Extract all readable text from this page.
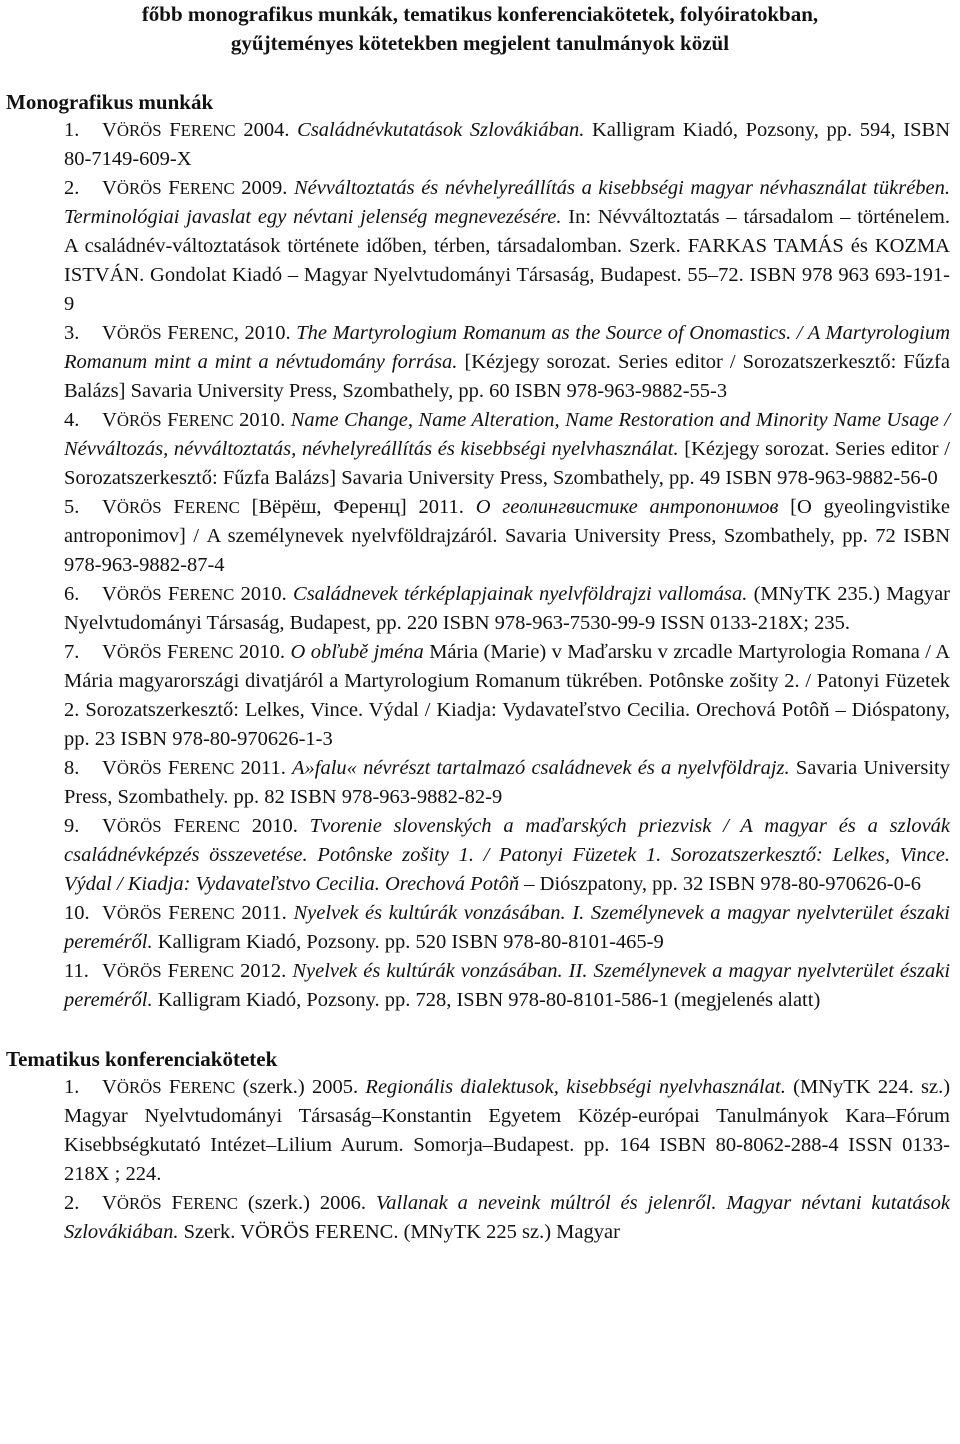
főbb monografikus munkák, tematikus konferenciakötetek, folyóiratokban,

gyűjteményes kötetekben megjelent tanulmányok közül

Monografikus munkák

1. VÖRÖS FERENC 2004. Családnévkutatások Szlovákiában. Kalligram Kiadó, Pozsony, pp. 594, ISBN 80-7149-609-X

2. VÖRÖS FERENC 2009. Névváltoztatás és névhelyreállítás a kisebbségi magyar névhasználat tükrében. Terminológiai javaslat egy névtani jelenség megnevezésére. In: Névváltoztatás – társadalom – történelem. A családnév-változtatások története időben, térben, társadalomban. Szerk. FARKAS TAMÁS és KOZMA ISTVÁN. Gondolat Kiadó – Magyar Nyelvtudományi Társaság, Budapest. 55–72. ISBN 978 963 693-191-9

3. VÖRÖS FERENC, 2010. The Martyrologium Romanum as the Source of Onomastics. / A Martyrologium Romanum mint a mint a névtudomány forrása. [Kézjegy sorozat. Series editor / Sorozatszerkesztő: Fűzfa Balázs] Savaria University Press, Szombathely, pp. 60 ISBN 978-963-9882-55-3

4. VÖRÖS FERENC 2010. Name Change, Name Alteration, Name Restoration and Minority Name Usage / Névváltozás, névváltoztatás, névhelyreállítás és kisebbségi nyelvhasználat. [Kézjegy sorozat. Series editor / Sorozatszerkesztő: Fűzfa Balázs] Savaria University Press, Szombathely, pp. 49 ISBN 978-963-9882-56-0

5. VÖRÖS FERENC [Вёрёш, Ференц] 2011. О геолингвистике антропонимов [O gyeolingvistike antroponimov] / A személynevek nyelvföldrajzáról. Savaria University Press, Szombathely, pp. 72 ISBN 978-963-9882-87-4

6. VÖRÖS FERENC 2010. Családnevek térképlapjainak nyelvföldrajzi vallomása. (MNyTK 235.) Magyar Nyelvtudományi Társaság, Budapest, pp. 220 ISBN 978-963-7530-99-9 ISSN 0133-218X; 235.

7. VÖRÖS FERENC 2010. O obľubě jména Mária (Marie) v Maďarsku v zrcadle Martyrologia Romana / A Mária magyarországi divatjáról a Martyrologium Romanum tükrében. Potônske zošity 2. / Patonyi Füzetek 2. Sorozatszerkesztő: Lelkes, Vince. Výdal / Kiadja: Vydavateľstvo Cecilia. Orechová Potôň – Dióspatony, pp. 23 ISBN 978-80-970626-1-3

8. VÖRÖS FERENC 2011. A»falu« névrészt tartalmazó családnevek és a nyelvföldrajz. Savaria University Press, Szombathely. pp. 82 ISBN 978-963-9882-82-9

9. VÖRÖS FERENC 2010. Tvorenie slovenských a maďarských priezvisk / A magyar és a szlovák családnévképzés összevetése. Potônske zošity 1. / Patonyi Füzetek 1. Sorozatszerkesztő: Lelkes, Vince. Výdal / Kiadja: Vydavateľstvo Cecilia. Orechová Potôň – Diószpatony, pp. 32 ISBN 978-80-970626-0-6

10. VÖRÖS FERENC 2011. Nyelvek és kultúrák vonzásában. I. Személynevek a magyar nyelvterület északi pereméről. Kalligram Kiadó, Pozsony. pp. 520 ISBN 978-80-8101-465-9

11. VÖRÖS FERENC 2012. Nyelvek és kultúrák vonzásában. II. Személynevek a magyar nyelvterület északi pereméről. Kalligram Kiadó, Pozsony. pp. 728, ISBN 978-80-8101-586-1 (megjelenés alatt)

Tematikus konferenciakötetek

1. VÖRÖS FERENC (szerk.) 2005. Regionális dialektusok, kisebbségi nyelvhasználat. (MNyTK 224. sz.) Magyar Nyelvtudományi Társaság–Konstantin Egyetem Közép-európai Tanulmányok Kara–Fórum Kisebbségkutató Intézet–Lilium Aurum. Somorja–Budapest. pp. 164 ISBN 80-8062-288-4 ISSN 0133-218X ; 224.

2. VÖRÖS FERENC (szerk.) 2006. Vallanak a neveink múltról és jelenről. Magyar névtani kutatások Szlovákiában. Szerk. VÖRÖS FERENC. (MNyTK 225 sz.) Magyar
